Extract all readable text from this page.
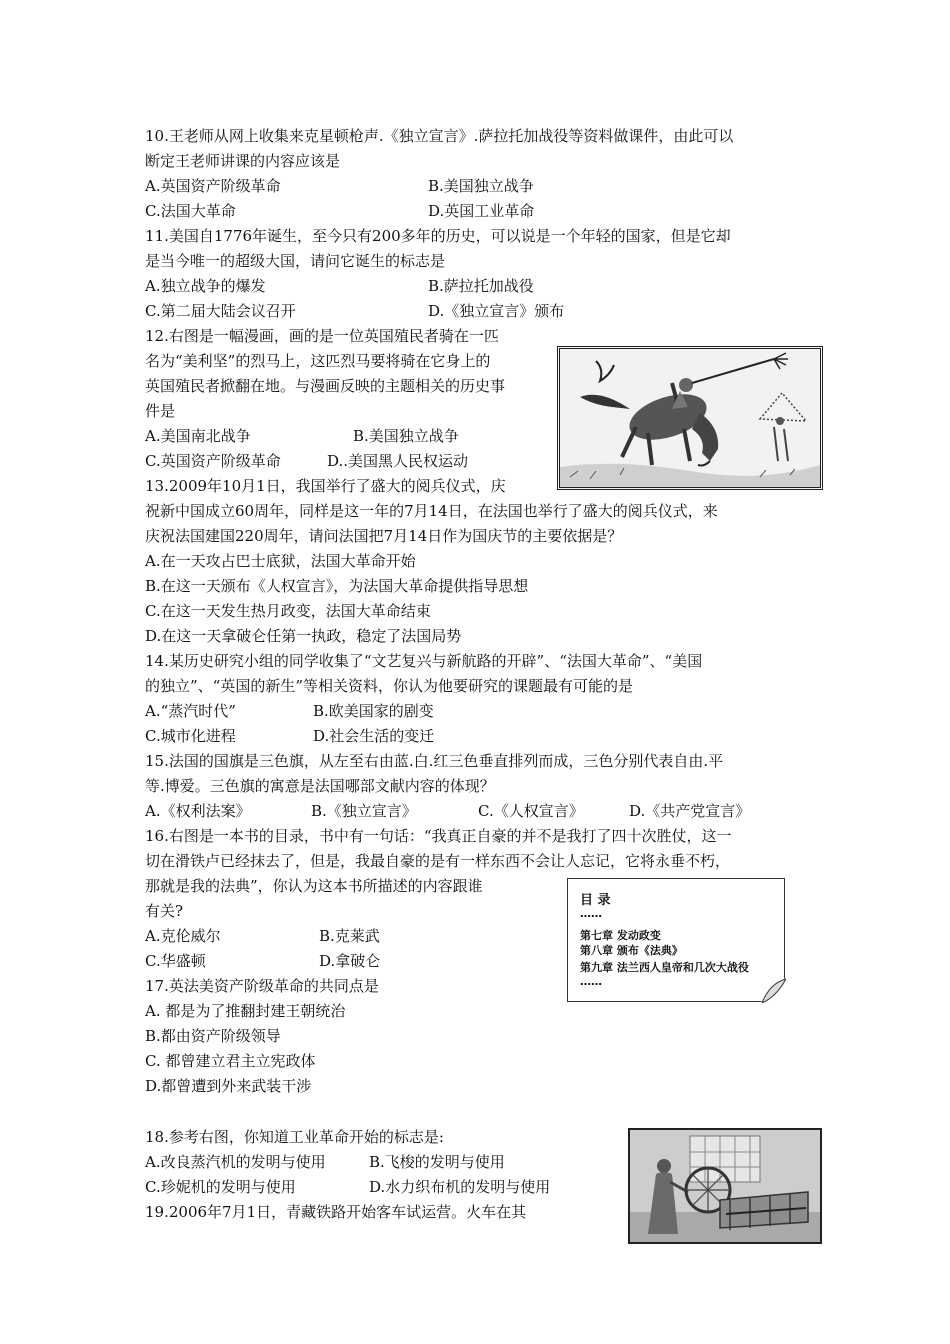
10.王老师从网上收集来克星顿枪声.《独立宣言》.萨拉托加战役等资料做课件，由此可以
断定王老师讲课的内容应该是
A.英国资产阶级革命	B.美国独立战争
C.法国大革命	D.英国工业革命
11.美国自1776年诞生，至今只有200多年的历史，可以说是一个年轻的国家，但是它却
是当今唯一的超级大国，请问它诞生的标志是
A.独立战争的爆发	B.萨拉托加战役
C.第二届大陆会议召开	D.《独立宣言》颁布
12.右图是一幅漫画，画的是一位英国殖民者骑在一匹
名为“美利坚”的烈马上，这匹烈马要将骑在它身上的
英国殖民者掀翻在地。与漫画反映的主题相关的历史事
件是
A.美国南北战争	B.美国独立战争
C.英国资产阶级革命	D..美国黑人民权运动
13.2009年10月1日，我国举行了盛大的阅兵仪式，庆
祝新中国成立60周年，同样是这一年的7月14日，在法国也举行了盛大的阅兵仪式，来
庆祝法国建国220周年，请问法国把7月14日作为国庆节的主要依据是？
A.在一天攻占巴士底狱，法国大革命开始
B.在这一天颁布《人权宣言》，为法国大革命提供指导思想
C.在这一天发生热月政变，法国大革命结束
D.在这一天拿破仑任第一执政，稳定了法国局势
14.某历史研究小组的同学收集了“文艺复兴与新航路的开辟”、“法国大革命”、“美国
的独立”、“英国的新生”等相关资料，你认为他要研究的课题最有可能的是
A.“蒸汽时代”	B.欧美国家的剧变
C.城市化进程	D.社会生活的变迁
15.法国的国旗是三色旗，从左至右由蓝.白.红三色垂直排列而成，三色分别代表自由.平
等.博爱。三色旗的寓意是法国哪部文献内容的体现？
A.《权利法案》	B.《独立宣言》	C.《人权宣言》	D.《共产党宣言》
16.右图是一本书的目录，书中有一句话：“我真正自豪的并不是我打了四十次胜仗，这一
切在滑铁卢已经抹去了，但是，我最自豪的是有一样东西不会让人忘记，它将永垂不朽，
那就是我的法典”，你认为这本书所描述的内容跟谁
有关?
A.克伦威尔	B.克莱武
C.华盛顿	D.拿破仑
目 录
……
第七章 发动政变
第八章 颁布《法典》
第九章 法兰西人皇帝和几次大战役
……
17.英法美资产阶级革命的共同点是
A. 都是为了推翻封建王朝统治
B.都由资产阶级领导
C. 都曾建立君主立宪政体
D.都曾遭到外来武装干涉
18.参考右图，你知道工业革命开始的标志是:
A.改良蒸汽机的发明与使用	B.飞梭的发明与使用
C.珍妮机的发明与使用	D.水力织布机的发明与使用
19.2006年7月1日，青藏铁路开始客车试运营。火车在其
